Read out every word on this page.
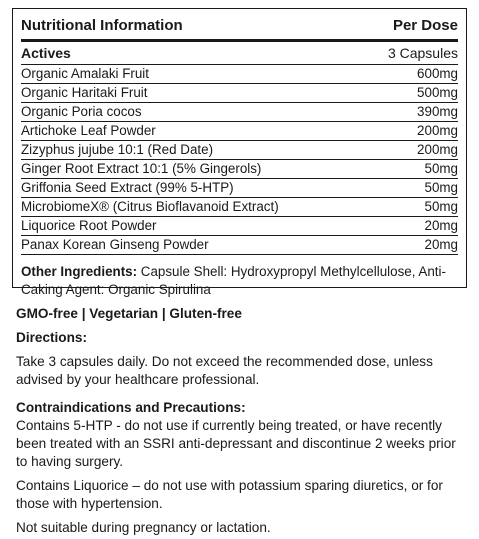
Nutritional Information	Per Dose
Actives	3 Capsules
Organic Amalaki Fruit	600mg
Organic Haritaki Fruit	500mg
Organic Poria cocos	390mg
Artichoke Leaf Powder	200mg
Zizyphus jujube 10:1 (Red Date)	200mg
Ginger Root Extract 10:1 (5% Gingerols)	50mg
Griffonia Seed Extract (99% 5-HTP)	50mg
MicrobiomeX® (Citrus Bioflavanoid Extract)	50mg
Liquorice Root Powder	20mg
Panax Korean Ginseng Powder	20mg
Other Ingredients: Capsule Shell: Hydroxypropyl Methylcellulose, Anti-Caking Agent: Organic Spirulina

GMO-free | Vegetarian | Gluten-free

Directions:

Take 3 capsules daily. Do not exceed the recommended dose, unless advised by your healthcare professional.

Contraindications and Precautions:

Contains 5-HTP - do not use if currently being treated, or have recently been treated with an SSRI anti-depressant and discontinue 2 weeks prior to having surgery.

Contains Liquorice – do not use with potassium sparing diuretics, or for those with hypertension.

Not suitable during pregnancy or lactation.
